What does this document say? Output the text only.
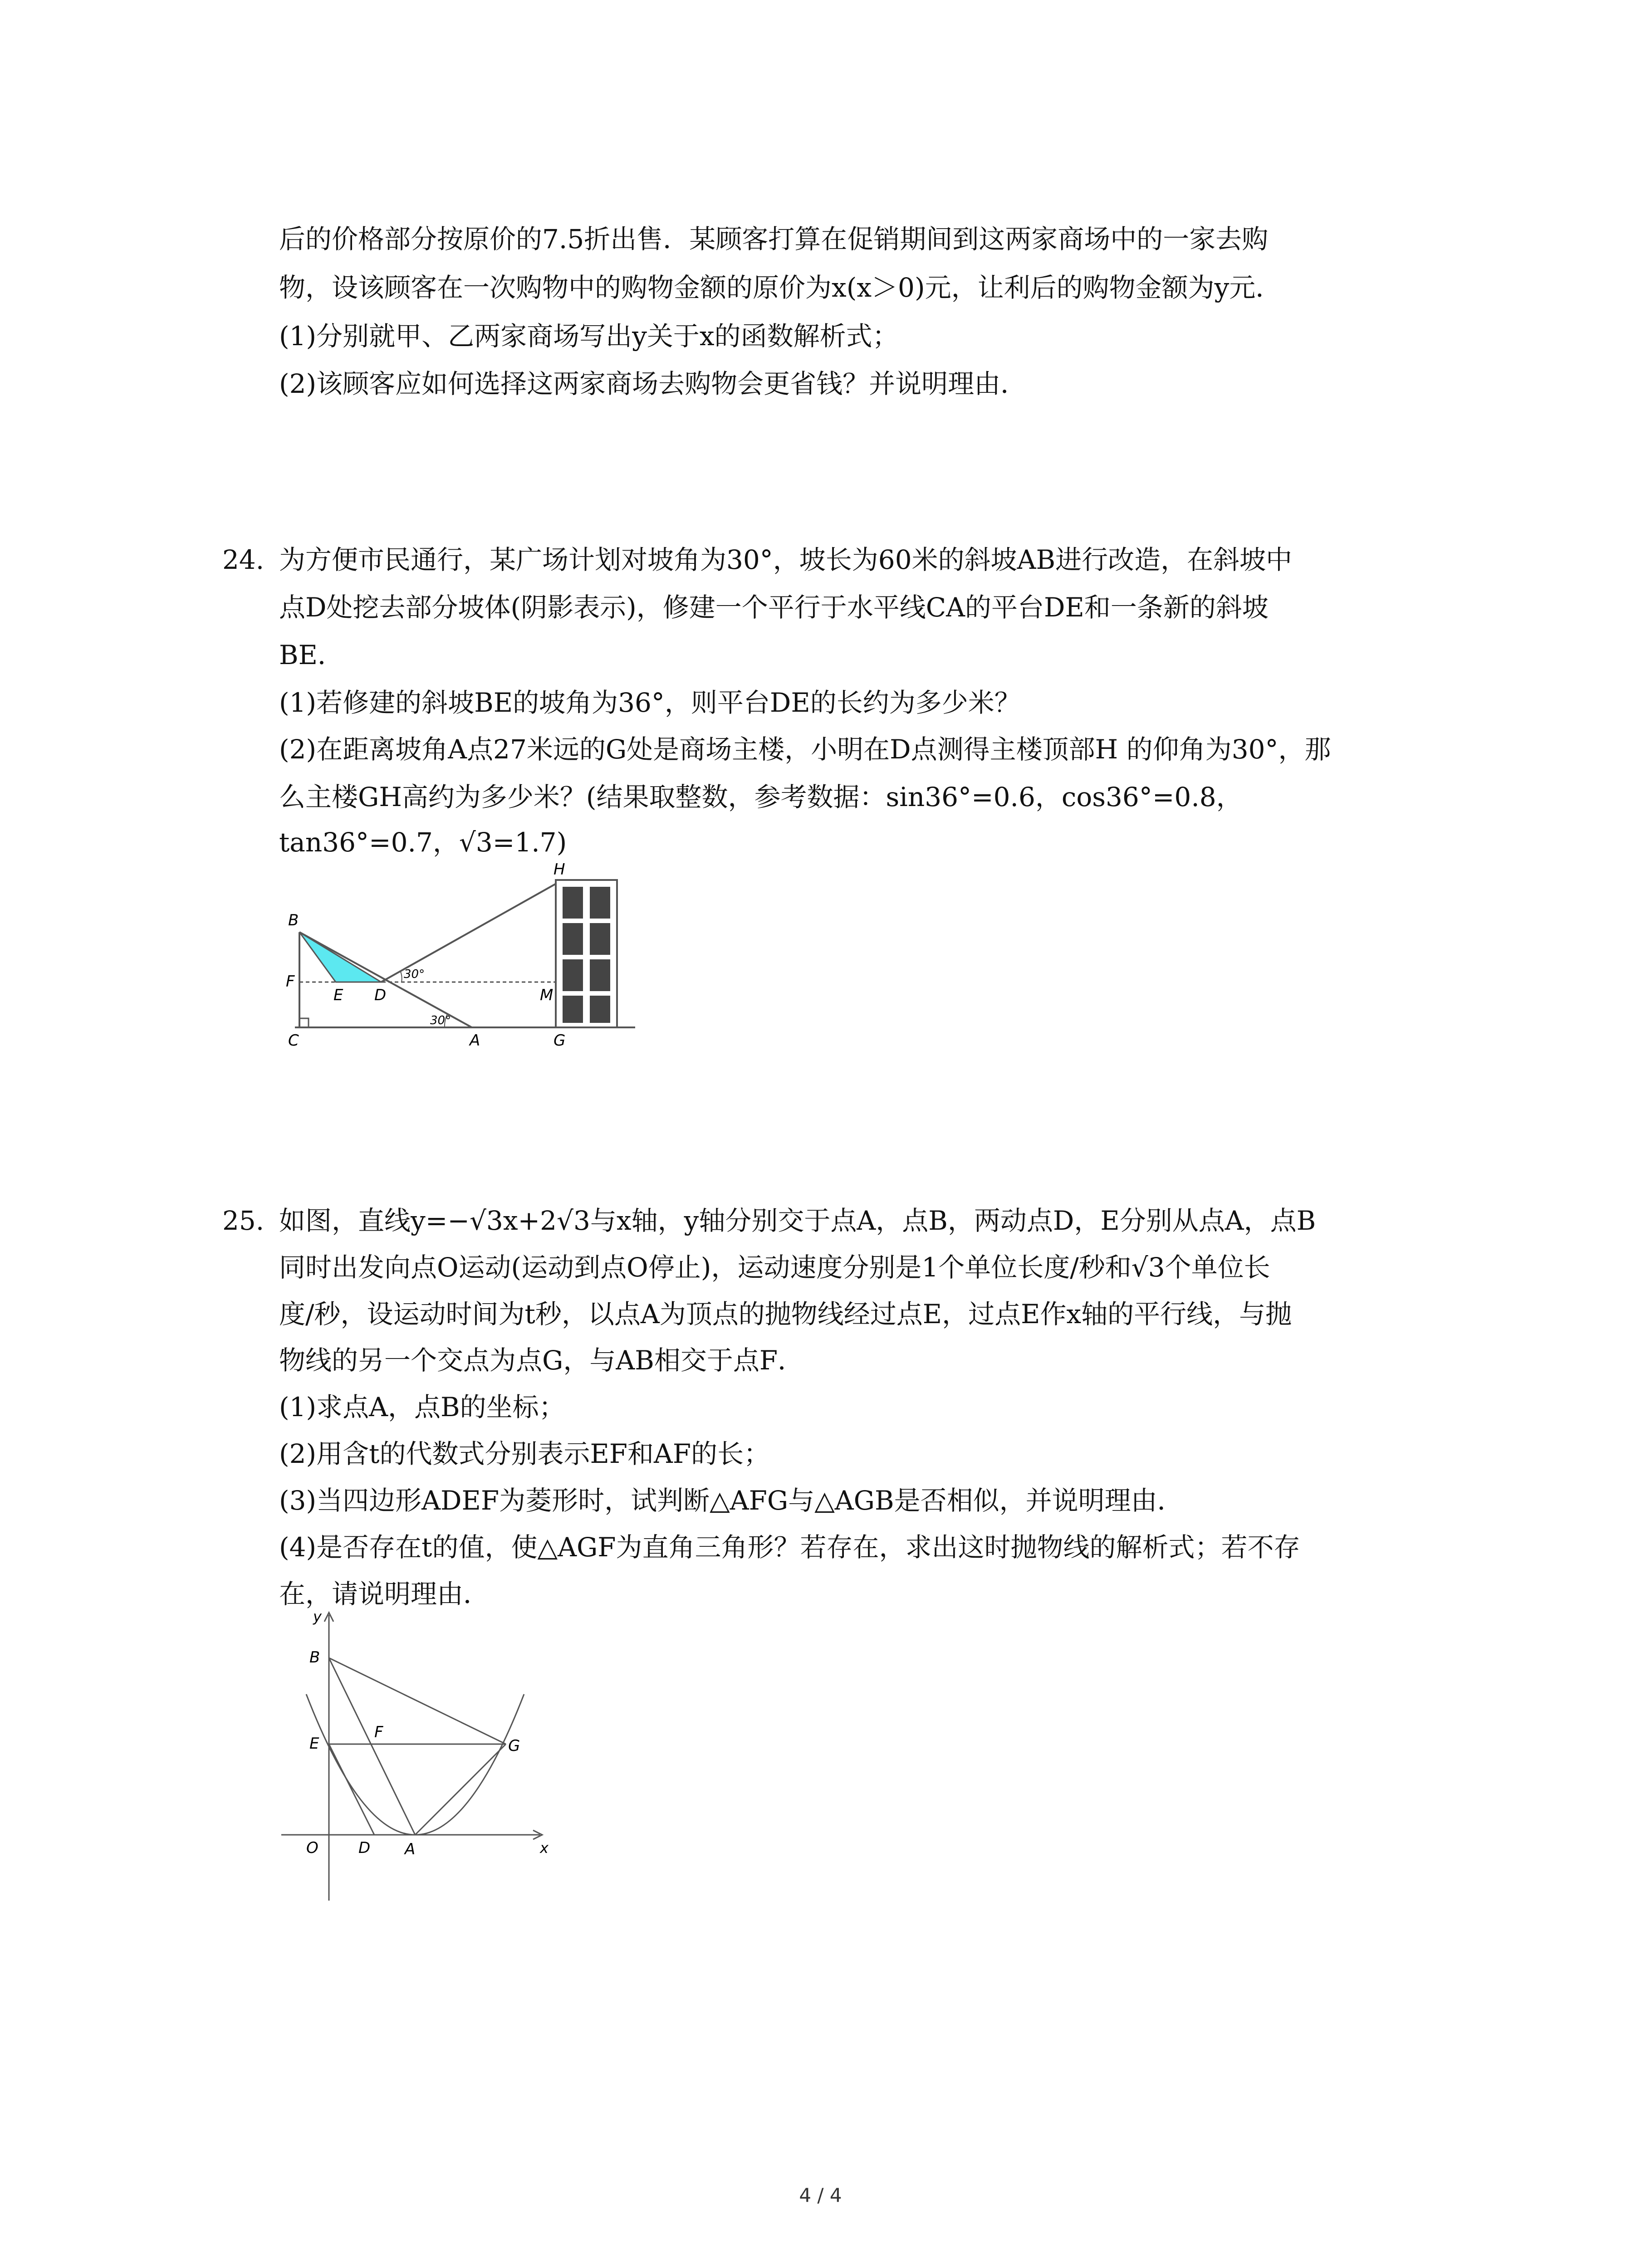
后的价格部分按原价的7.5折出售．某顾客打算在促销期间到这两家商场中的一家去购
物，设该顾客在一次购物中的购物金额的原价为x(x＞0)元，让利后的购物金额为y元．
(1)分别就甲、乙两家商场写出y关于x的函数解析式；
(2)该顾客应如何选择这两家商场去购物会更省钱？并说明理由．
24. 为方便市民通行，某广场计划对坡角为30°，坡长为60米的斜坡AB进行改造，在斜坡中
点D处挖去部分坡体(阴影表示)，修建一个平行于水平线CA的平台DE和一条新的斜坡
BE．
(1)若修建的斜坡BE的坡角为36°，则平台DE的长约为多少米？
(2)在距离坡角A点27米远的G处是商场主楼，小明在D点测得主楼顶部H 的仰角为30°，那
么主楼GH高约为多少米？(结果取整数，参考数据：sin36°=0.6，cos36°=0.8，
tan36°=0.7，√3=1.7)
B
F
C
E D
A
M
G
H
30°
30°
25. 如图，直线y=−√3x+2√3与x轴，y轴分别交于点A，点B，两动点D，E分别从点A，点B
同时出发向点O运动(运动到点O停止)，运动速度分别是1个单位长度/秒和√3个单位长
度/秒，设运动时间为t秒，以点A为顶点的抛物线经过点E，过点E作x轴的平行线，与抛
物线的另一个交点为点G，与AB相交于点F．
(1)求点A，点B的坐标；
(2)用含t的代数式分别表示EF和AF的长；
(3)当四边形ADEF为菱形时，试判断△AFG与△AGB是否相似，并说明理由．
(4)是否存在t的值，使△AGF为直角三角形？若存在，求出这时抛物线的解析式；若不存
在，请说明理由．
y
x
B
E
F
G
O	D A
4 / 4
